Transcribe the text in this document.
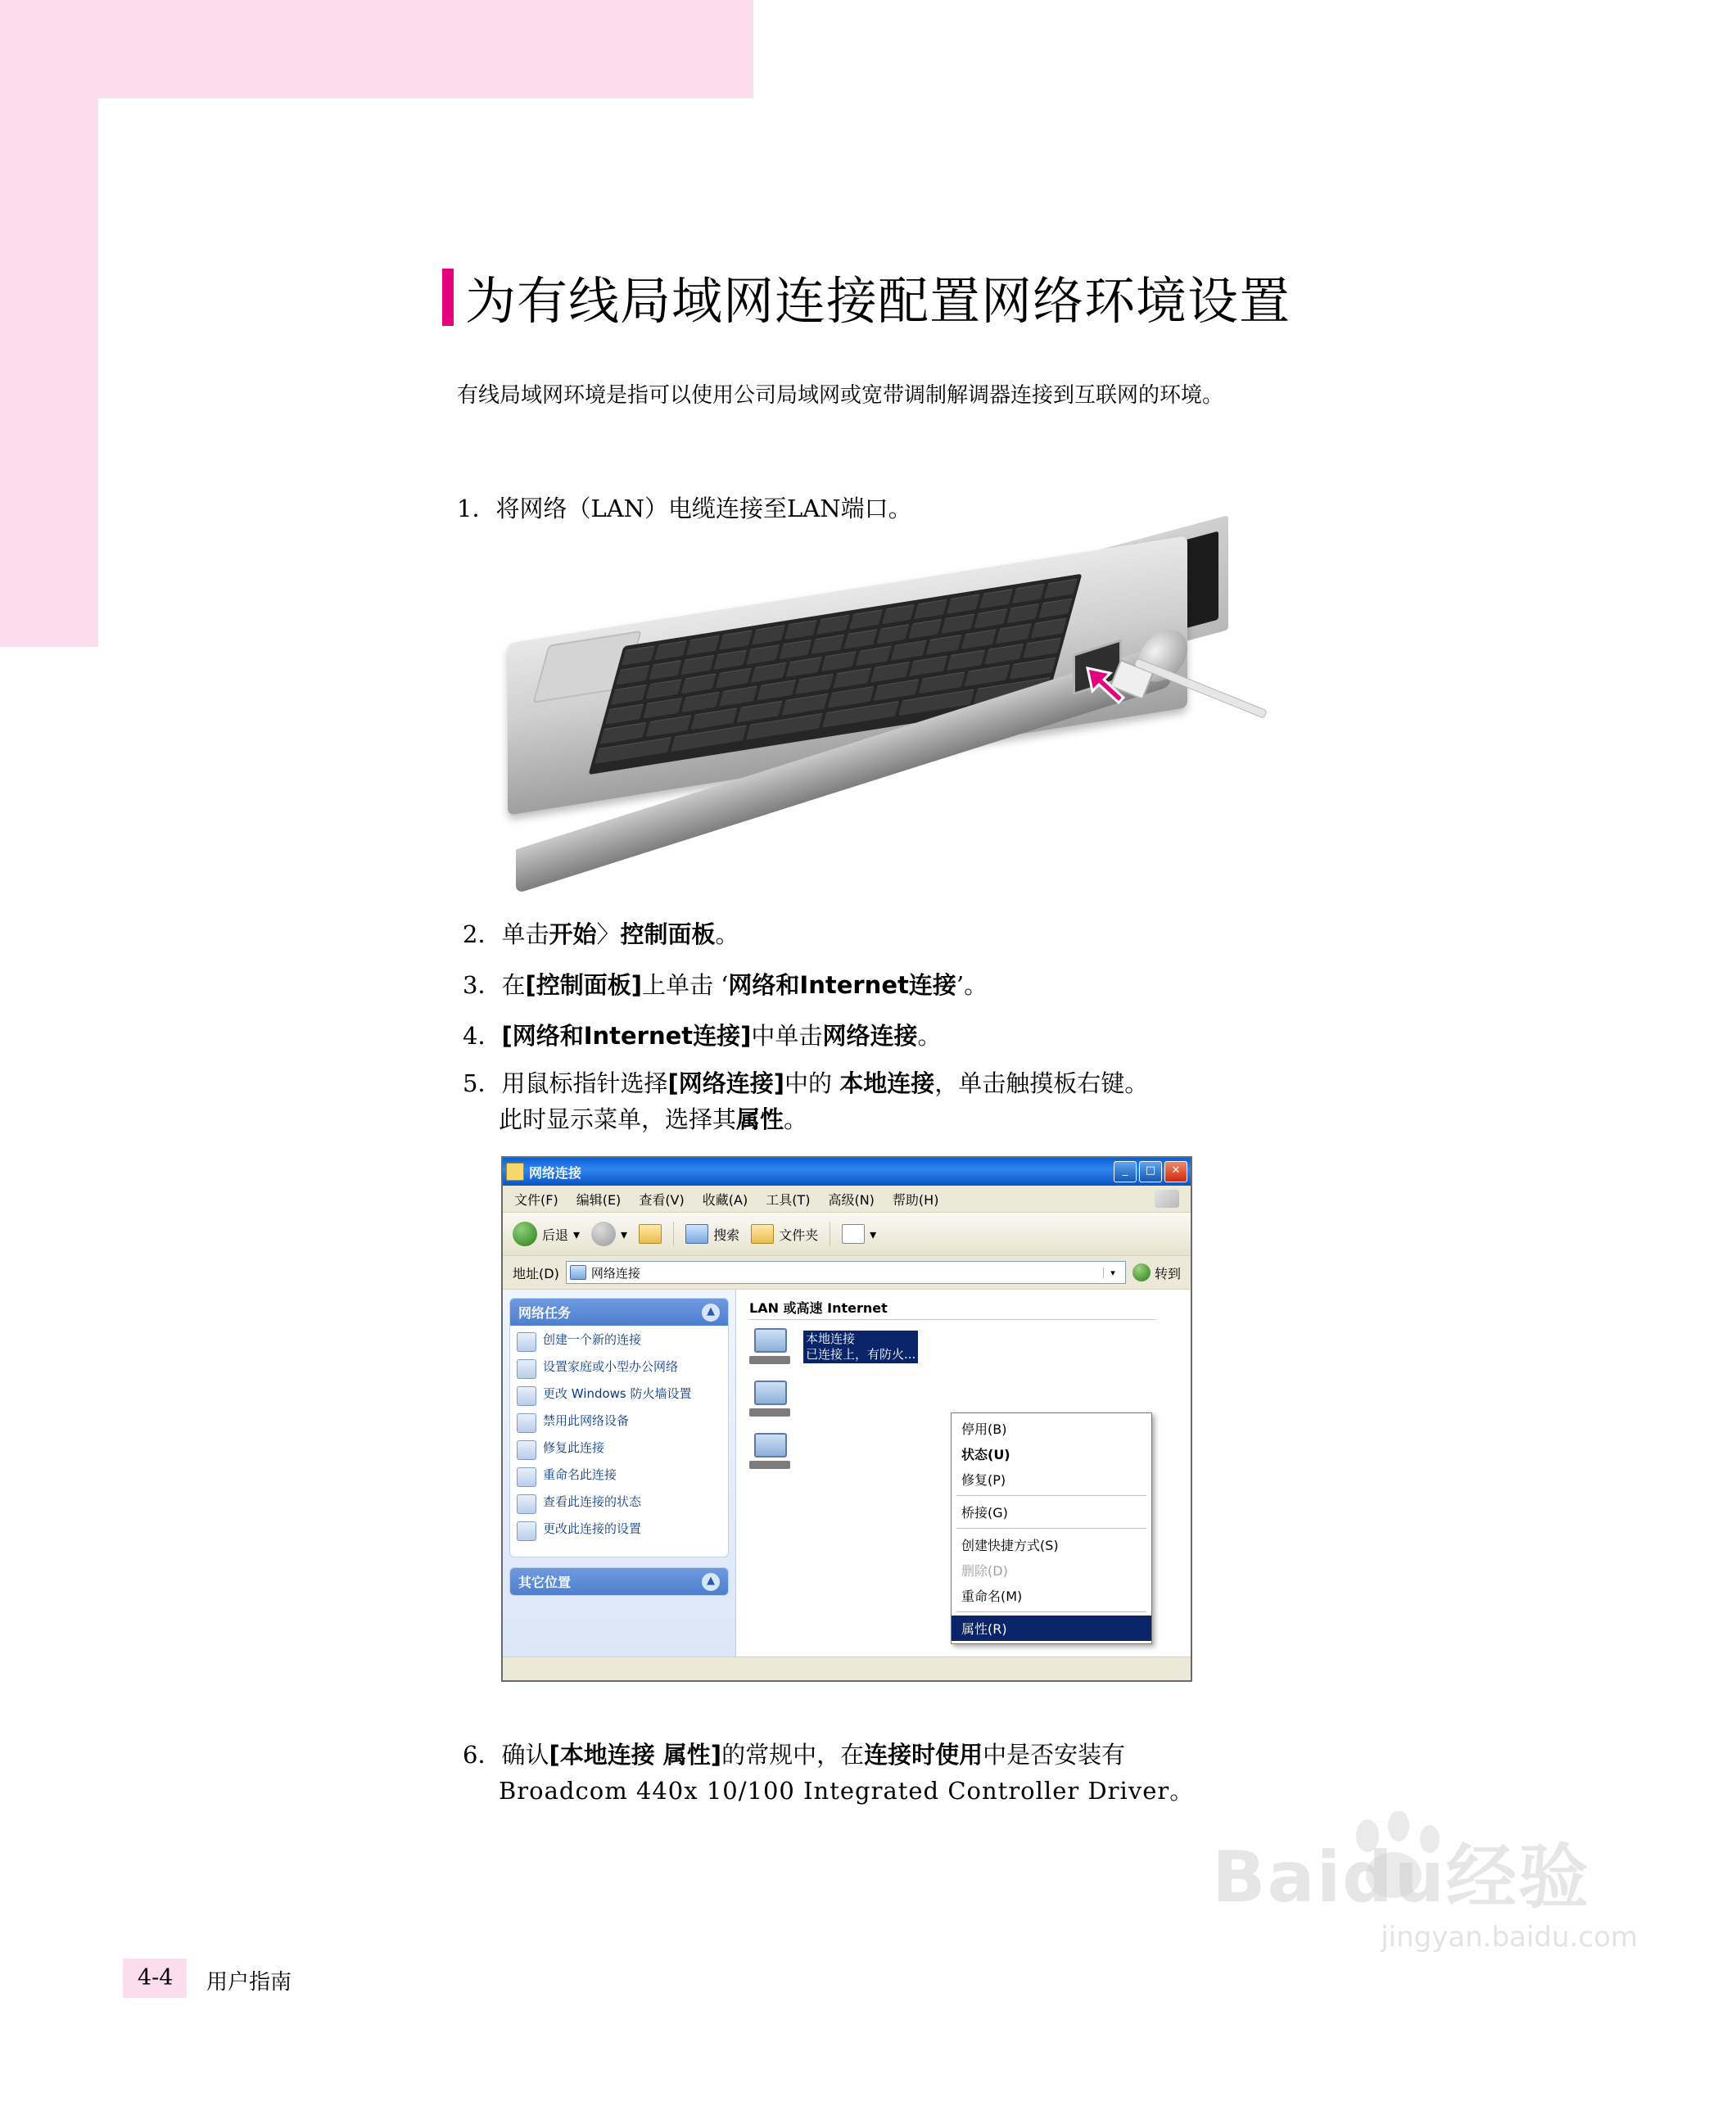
为有线局域网连接配置网络环境设置
有线局域网环境是指可以使用公司局域网或宽带调制解调器连接到互联网的环境。
1．将网络（LAN）电缆连接至LAN端口。
2．单击开始〉控制面板。
3．在[控制面板]上单击 ‘网络和Internet连接’。
4．[网络和Internet连接]中单击网络连接。
5．用鼠标指针选择[网络连接]中的 本地连接，单击触摸板右键。
此时显示菜单，选择其属性。
网络连接	_	□	✕
文件(F) 编辑(E) 查看(V) 收藏(A) 工具(T) 高级(N) 帮助(H)
后退 ▾	▾	搜索	文件夹	▾
地址(D)	网络连接	▾	转到
网络任务	▲
创建一个新的连接
设置家庭或小型办公网络
更改 Windows 防火墙设置
禁用此网络设备
修复此连接
重命名此连接
查看此连接的状态
更改此连接的设置
其它位置	▲
LAN 或高速 Internet
本地连接
已连接上，有防火...
停用(B)
状态(U)
修复(P)
桥接(G)
创建快捷方式(S)
删除(D)
重命名(M)
属性(R)
6．确认[本地连接 属性]的常规中，在连接时使用中是否安装有
Broadcom 440x 10/100 Integrated Controller Driver。
4-4 用户指南
Baidu经验
jingyan.baidu.com
